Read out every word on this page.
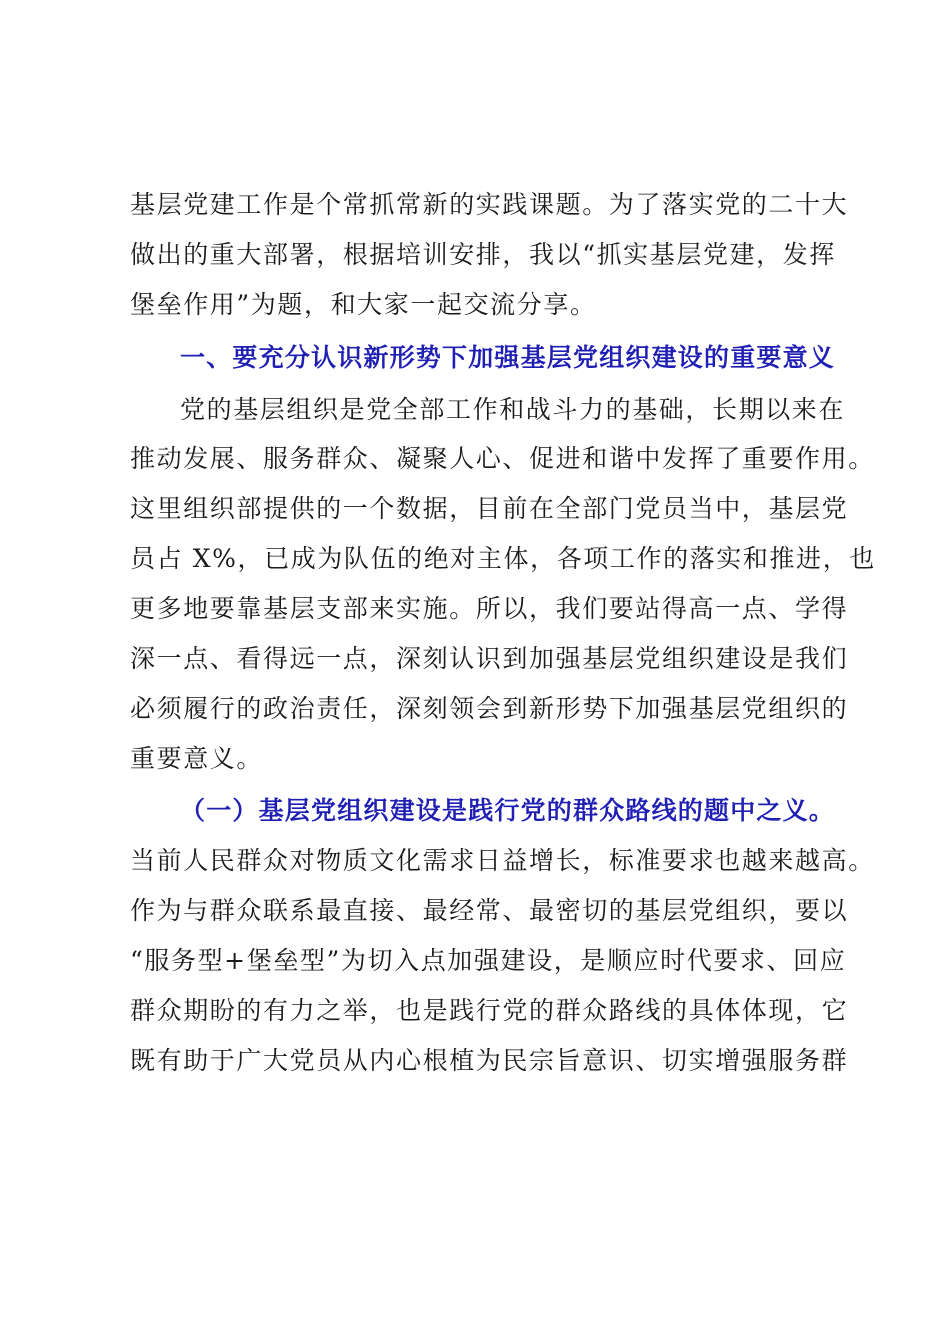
基层党建工作是个常抓常新的实践课题。为了落实党的二十大
做出的重大部署，根据培训安排，我以“抓实基层党建，发挥
堡垒作用”为题，和大家一起交流分享。
一、要充分认识新形势下加强基层党组织建设的重要意义
党的基层组织是党全部工作和战斗力的基础，长期以来在
推动发展、服务群众、凝聚人心、促进和谐中发挥了重要作用。
这里组织部提供的一个数据，目前在全部门党员当中，基层党
员占 X%，已成为队伍的绝对主体，各项工作的落实和推进，也
更多地要靠基层支部来实施。所以，我们要站得高一点、学得
深一点、看得远一点，深刻认识到加强基层党组织建设是我们
必须履行的政治责任，深刻领会到新形势下加强基层党组织的
重要意义。
（一）基层党组织建设是践行党的群众路线的题中之义。
当前人民群众对物质文化需求日益增长，标准要求也越来越高。
作为与群众联系最直接、最经常、最密切的基层党组织，要以
“服务型+堡垒型”为切入点加强建设，是顺应时代要求、回应
群众期盼的有力之举，也是践行党的群众路线的具体体现，它
既有助于广大党员从内心根植为民宗旨意识、切实增强服务群
